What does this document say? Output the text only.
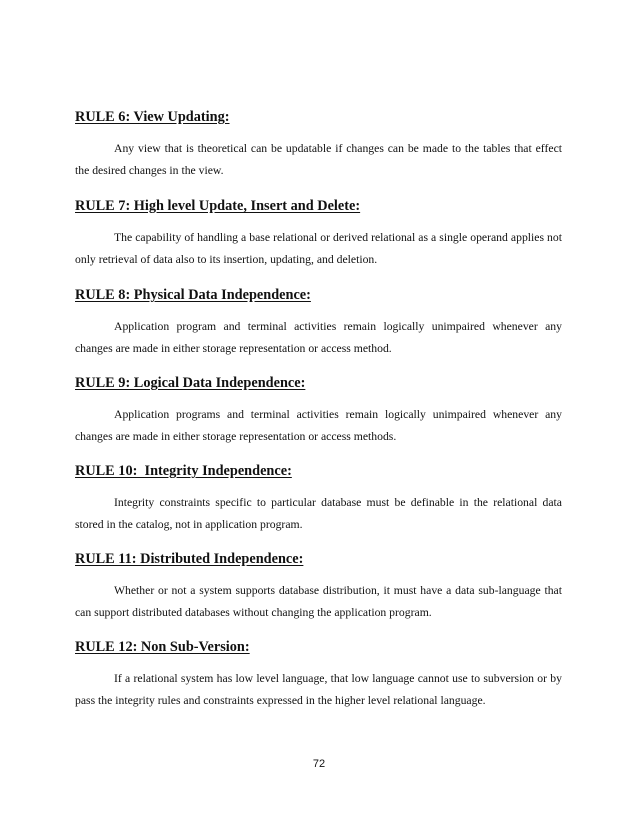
RULE 6: View Updating:

Any view that is theoretical can be updatable if changes can be made to the tables that effect the desired changes in the view.

RULE 7: High level Update, Insert and Delete:

The capability of handling a base relational or derived relational as a single operand applies not only retrieval of data also to its insertion, updating, and deletion.

RULE 8: Physical Data Independence:

Application program and terminal activities remain logically unimpaired whenever any changes are made in either storage representation or access method.

RULE 9: Logical Data Independence:

Application programs and terminal activities remain logically unimpaired whenever any changes are made in either storage representation or access methods.

RULE 10:  Integrity Independence:

Integrity constraints specific to particular database must be definable in the relational data stored in the catalog, not in application program.

RULE 11: Distributed Independence:

Whether or not a system supports database distribution, it must have a data sub-language that can support distributed databases without changing the application program.

RULE 12: Non Sub-Version:

If a relational system has low level language, that low language cannot use to subversion or by pass the integrity rules and constraints expressed in the higher level relational language.

72
